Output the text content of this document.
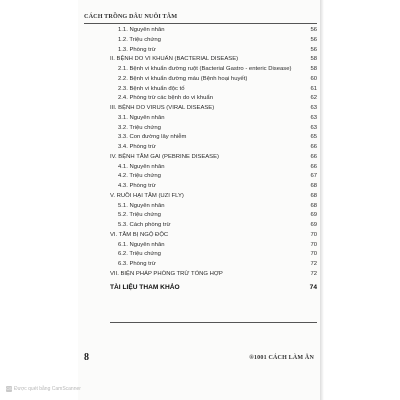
CÁCH TRỒNG DÂU NUÔI TẰM
1.1. Nguyên nhân	56
1.2. Triệu chứng	56
1.3. Phòng trừ	56
II. BỆNH DO VI KHUẨN (BACTERIAL DISEASE)	58
2.1. Bệnh vi khuẩn đường ruột (Bacterial Gastro - enteric Disease)	58
2.2. Bệnh vi khuẩn đường máu (Bệnh hoại huyết)	60
2.3. Bệnh vi khuẩn độc tố	61
2.4. Phòng trừ các bệnh do vi khuẩn	62
III. BỆNH DO VIRUS (VIRAL DISEASE)	63
3.1. Nguyên nhân	63
3.2. Triệu chứng	63
3.3. Con đường lây nhiễm	65
3.4. Phòng trừ	66
IV. BỆNH TẰM GAI (PEBRINE DISEASE)	66
4.1. Nguyên nhân	66
4.2. Triệu chứng	67
4.3. Phòng trừ	68
V. RUỒI HẠI TẰM (UZI FLY)	68
5.1. Nguyên nhân	68
5.2. Triệu chứng	69
5.3. Cách phòng trừ	69
VI. TẰM BỊ NGỘ ĐỘC	70
6.1. Nguyên nhân	70
6.2. Triệu chứng	70
6.3. Phòng trừ	72
VII. BIỆN PHÁP PHÒNG TRỪ TỔNG HỢP	72
TÀI LIỆU THAM KHẢO	74
8	®1001 CÁCH LÀM ĂN
CS Được quét bằng CamScanner
